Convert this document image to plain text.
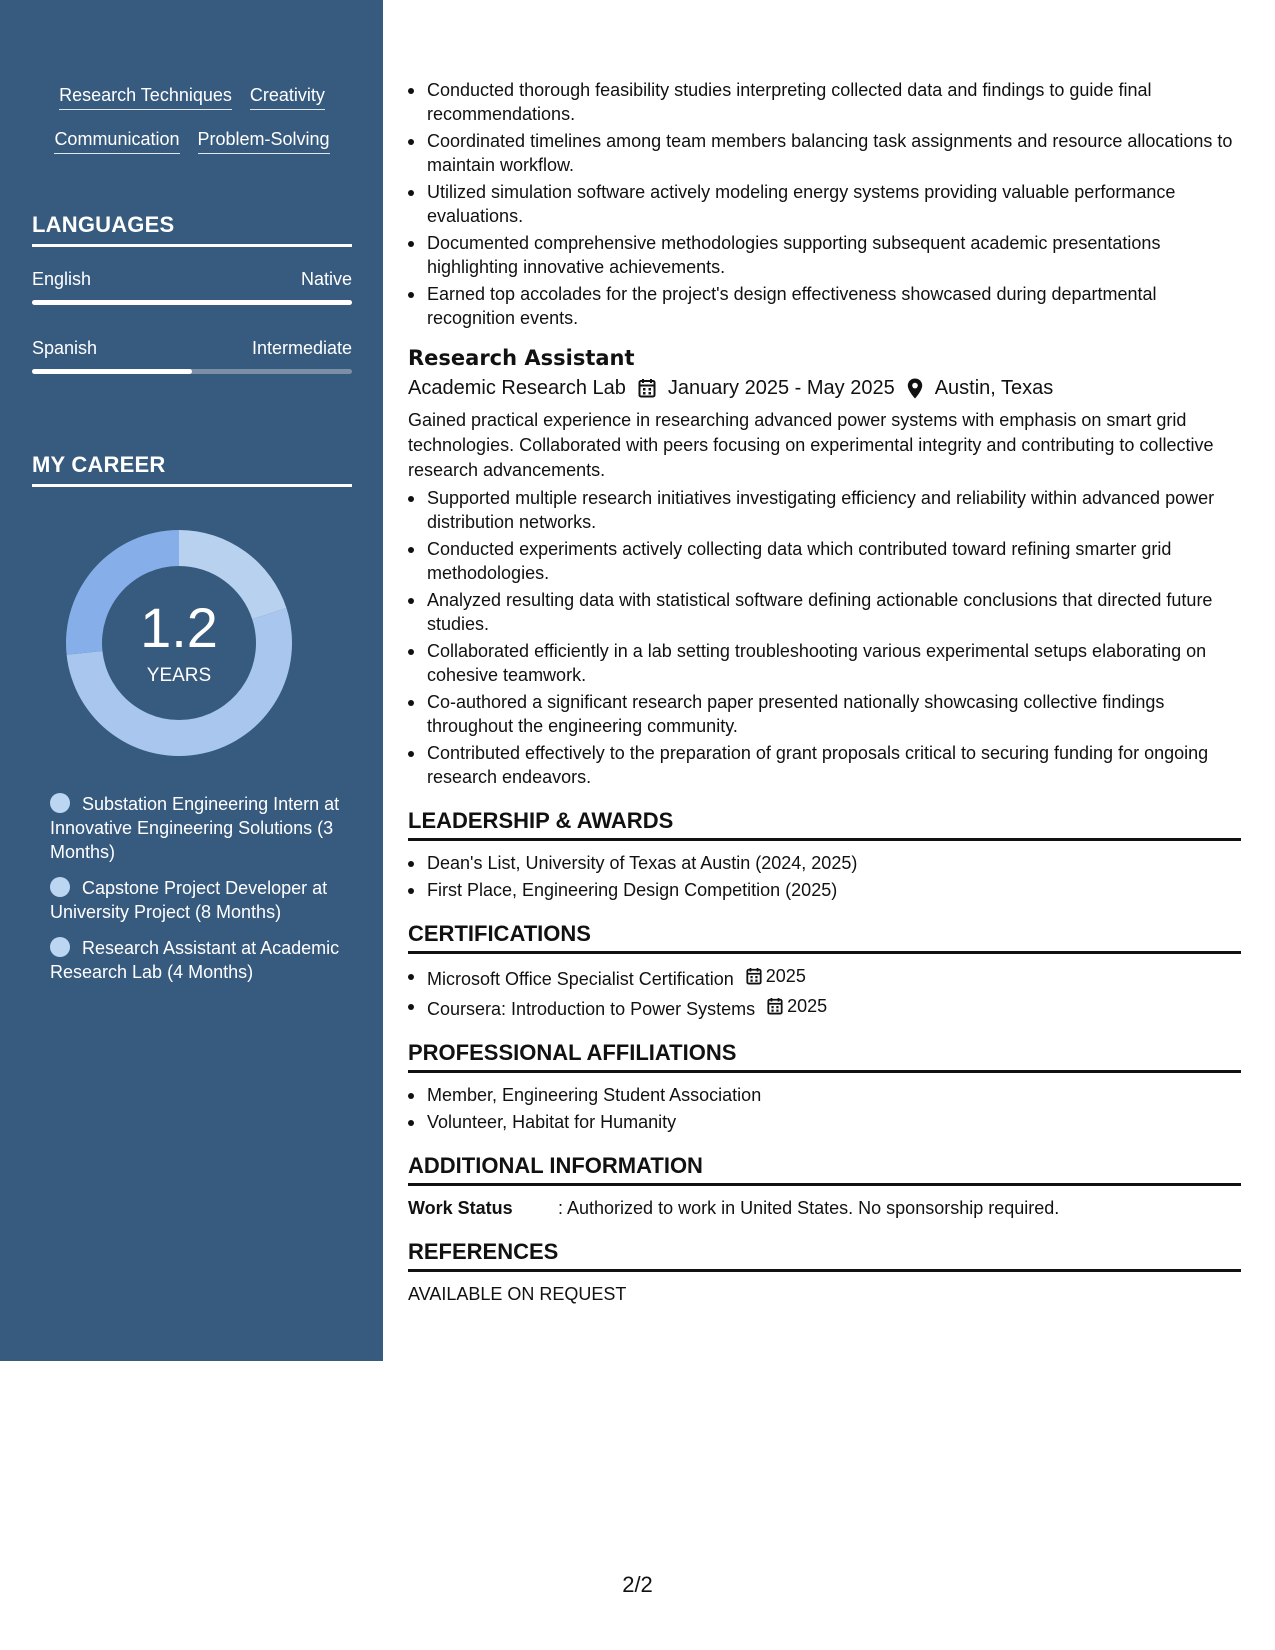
Research Techniques Creativity
Communication Problem-Solving
LANGUAGES
English	Native
Spanish	Intermediate
MY CAREER
1.2
YEARS
Substation Engineering Intern at Innovative Engineering Solutions (3 Months)
Capstone Project Developer at University Project (8 Months)
Research Assistant at Academic Research Lab (4 Months)
Conducted thorough feasibility studies interpreting collected data and findings to guide final recommendations.
Coordinated timelines among team members balancing task assignments and resource allocations to maintain workflow.
Utilized simulation software actively modeling energy systems providing valuable performance evaluations.
Documented comprehensive methodologies supporting subsequent academic presentations highlighting innovative achievements.
Earned top accolades for the project's design effectiveness showcased during departmental recognition events.
Research Assistant
Academic Research Lab January 2025 - May 2025 Austin, Texas
Gained practical experience in researching advanced power systems with emphasis on smart grid technologies. Collaborated with peers focusing on experimental integrity and contributing to collective research advancements.
Supported multiple research initiatives investigating efficiency and reliability within advanced power distribution networks.
Conducted experiments actively collecting data which contributed toward refining smarter grid methodologies.
Analyzed resulting data with statistical software defining actionable conclusions that directed future studies.
Collaborated efficiently in a lab setting troubleshooting various experimental setups elaborating on cohesive teamwork.
Co-authored a significant research paper presented nationally showcasing collective findings throughout the engineering community.
Contributed effectively to the preparation of grant proposals critical to securing funding for ongoing research endeavors.
LEADERSHIP & AWARDS
Dean's List, University of Texas at Austin (2024, 2025)
First Place, Engineering Design Competition (2025)
CERTIFICATIONS
Microsoft Office Specialist Certification 2025
Coursera: Introduction to Power Systems 2025
PROFESSIONAL AFFILIATIONS
Member, Engineering Student Association
Volunteer, Habitat for Humanity
ADDITIONAL INFORMATION
Work Status	: Authorized to work in United States. No sponsorship required.
REFERENCES
AVAILABLE ON REQUEST
2/2
